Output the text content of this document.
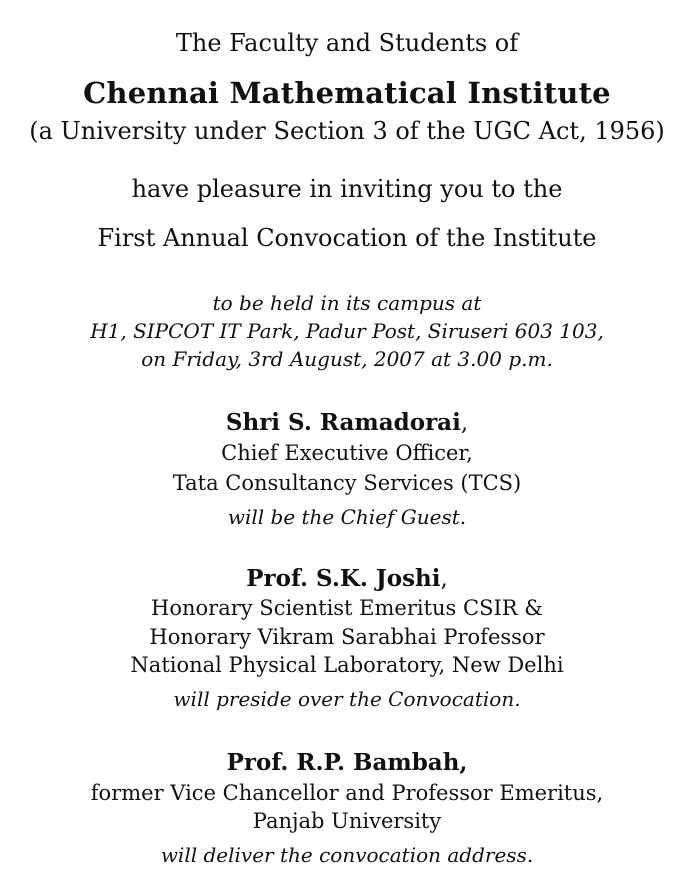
The Faculty and Students of
Chennai Mathematical Institute
(a University under Section 3 of the UGC Act, 1956)
have pleasure in inviting you to the
First Annual Convocation of the Institute
to be held in its campus at
H1, SIPCOT IT Park, Padur Post, Siruseri 603 103,
on Friday, 3rd August, 2007 at 3.00 p.m.
Shri S. Ramadorai,
Chief Executive Officer,
Tata Consultancy Services (TCS)
will be the Chief Guest.
Prof. S.K. Joshi,
Honorary Scientist Emeritus CSIR &
Honorary Vikram Sarabhai Professor
National Physical Laboratory, New Delhi
will preside over the Convocation.
Prof. R.P. Bambah,
former Vice Chancellor and Professor Emeritus,
Panjab University
will deliver the convocation address.
